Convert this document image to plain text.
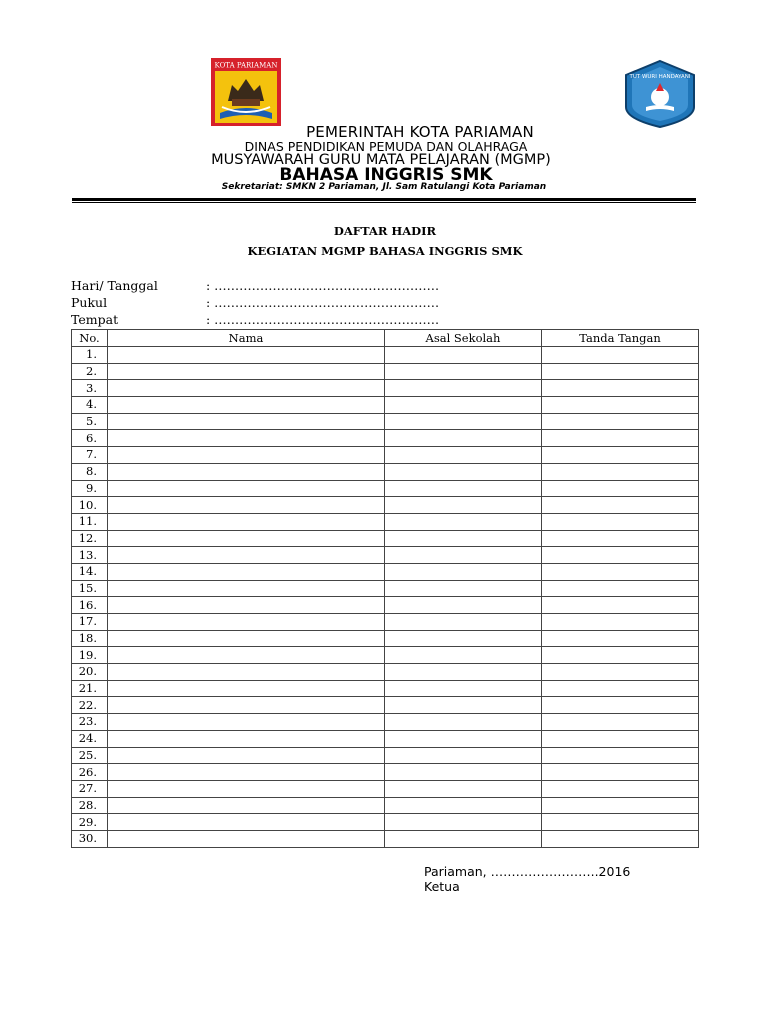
KOTA PARIAMAN
TUT WURI HANDAYANI
PEMERINTAH KOTA PARIAMAN
DINAS PENDIDIKAN PEMUDA DAN OLAHRAGA
MUSYAWARAH GURU MATA PELAJARAN (MGMP)
BAHASA INGGRIS SMK
Sekretariat: SMKN 2 Pariaman, Jl. Sam Ratulangi Kota Pariaman
DAFTAR HADIR
KEGIATAN MGMP BAHASA INGGRIS SMK
Hari/ Tanggal	: ………………………………………………
Pukul	: ………………………………………………
Tempat	: ………………………………………………
No.	Nama	Asal Sekolah	Tanda Tangan
1.			
2.			
3.			
4.			
5.			
6.			
7.			
8.			
9.			
10.			
11.			
12.			
13.			
14.			
15.			
16.			
17.			
18.			
19.			
20.			
21.			
22.			
23.			
24.			
25.			
26.			
27.			
28.			
29.			
30.			
Pariaman, ……………………..2016
Ketua
